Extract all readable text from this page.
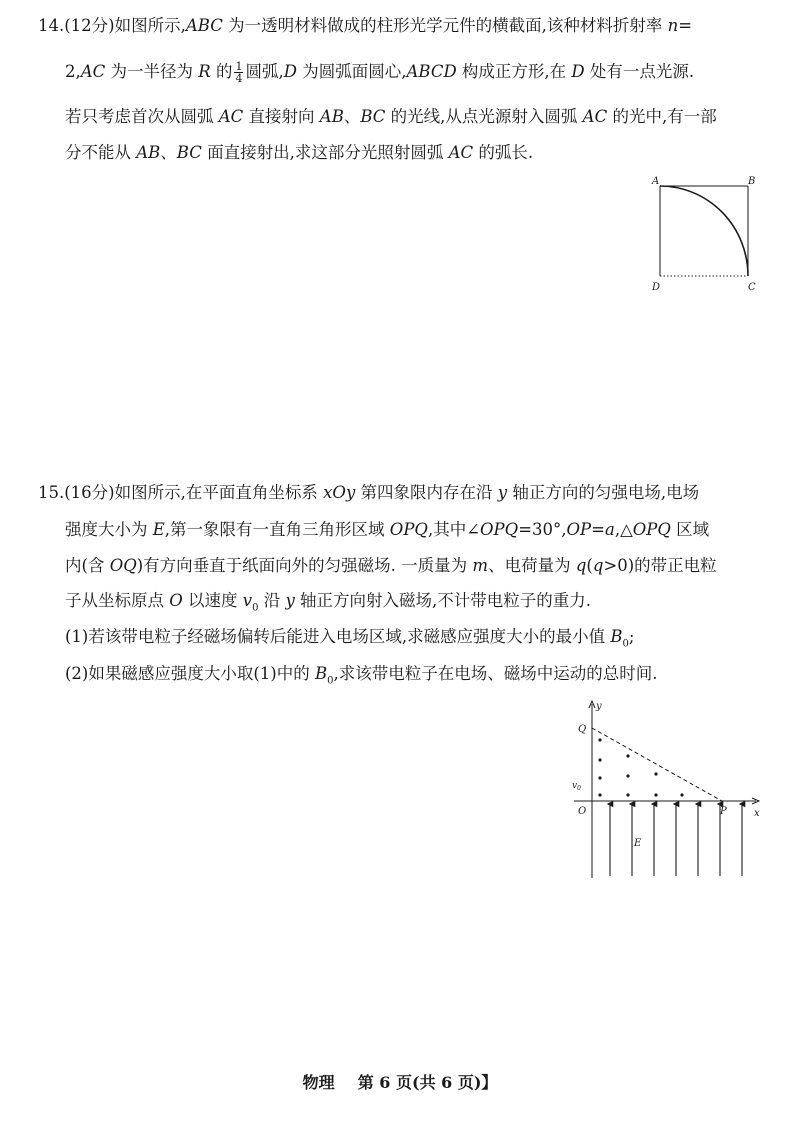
14.(12分)如图所示,ABC 为一透明材料做成的柱形光学元件的横截面,该种材料折射率 n=
2,AC 为一半径为 R 的 $\frac{1}{4}$ 圆弧,D 为圆弧面圆心,ABCD 构成正方形,在 D 处有一点光源.
若只考虑首次从圆弧 AC 直接射向 AB、BC 的光线,从点光源射入圆弧 AC 的光中,有一部
分不能从 AB、BC 面直接射出,求这部分光照射圆弧 AC 的弧长.
A	B
D	C
15.(16分)如图所示,在平面直角坐标系 xOy 第四象限内存在沿 y 轴正方向的匀强电场,电场
强度大小为 E,第一象限有一直角三角形区域 OPQ,其中∠OPQ=30°,OP=a,△OPQ 区域
内(含 OQ)有方向垂直于纸面向外的匀强磁场. 一质量为 m、电荷量为 q(q>0)的带正电粒
子从坐标原点 O 以速度 $v_0$ 沿 y 轴正方向射入磁场,不计带电粒子的重力.
(1)若该带电粒子经磁场偏转后能进入电场区域,求磁感应强度大小的最小值 $B_0$;
(2)如果磁感应强度大小取(1)中的 $B_0$,求该带电粒子在电场、磁场中运动的总时间.
y
x
Q
O	P
E
$v_0$
物理 第 6 页(共 6 页)】
